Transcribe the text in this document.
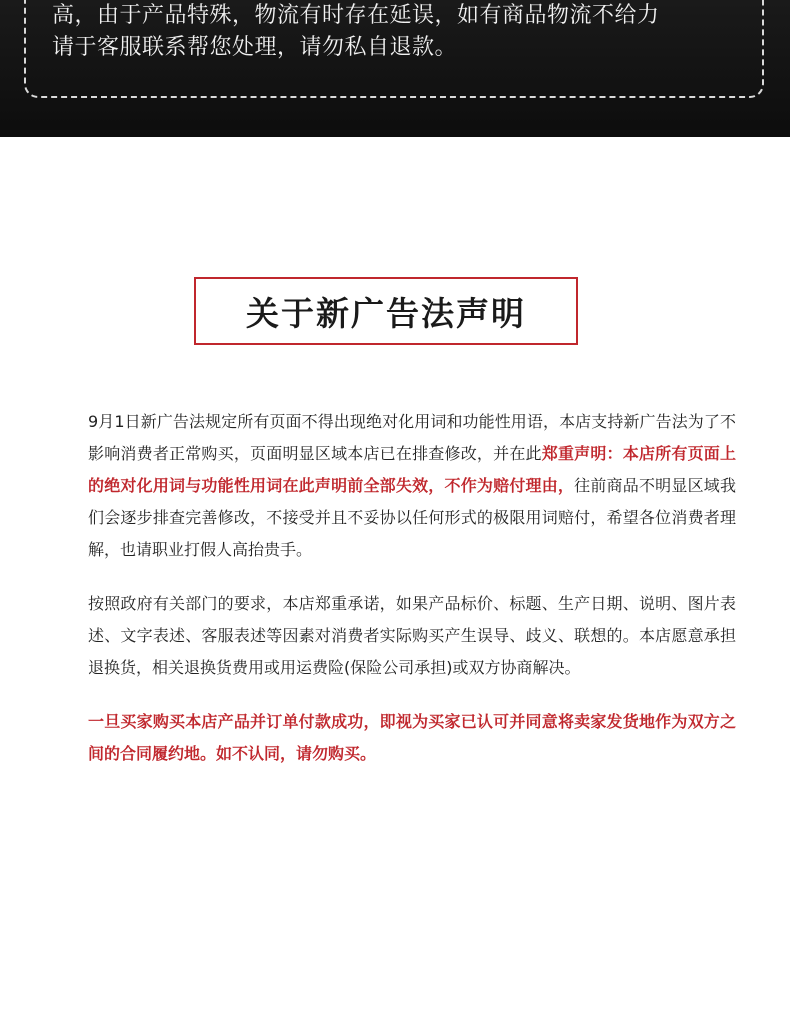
高，由于产品特殊，物流有时存在延误，如有商品物流不给力
请于客服联系帮您处理，请勿私自退款。
关于新广告法声明

9月1日新广告法规定所有页面不得出现绝对化用词和功能性用语，本店支持新广告法为了不影响消费者正常购买，页面明显区域本店已在排查修改，并在此郑重声明：本店所有页面上的绝对化用词与功能性用词在此声明前全部失效，不作为赔付理由，往前商品不明显区域我们会逐步排查完善修改，不接受并且不妥协以任何形式的极限用词赔付，希望各位消费者理解，也请职业打假人高抬贵手。

按照政府有关部门的要求，本店郑重承诺，如果产品标价、标题、生产日期、说明、图片表述、文字表述、客服表述等因素对消费者实际购买产生误导、歧义、联想的。本店愿意承担退换货，相关退换货费用或用运费险(保险公司承担)或双方协商解决。

一旦买家购买本店产品并订单付款成功，即视为买家已认可并同意将卖家发货地作为双方之间的合同履约地。如不认同，请勿购买。
